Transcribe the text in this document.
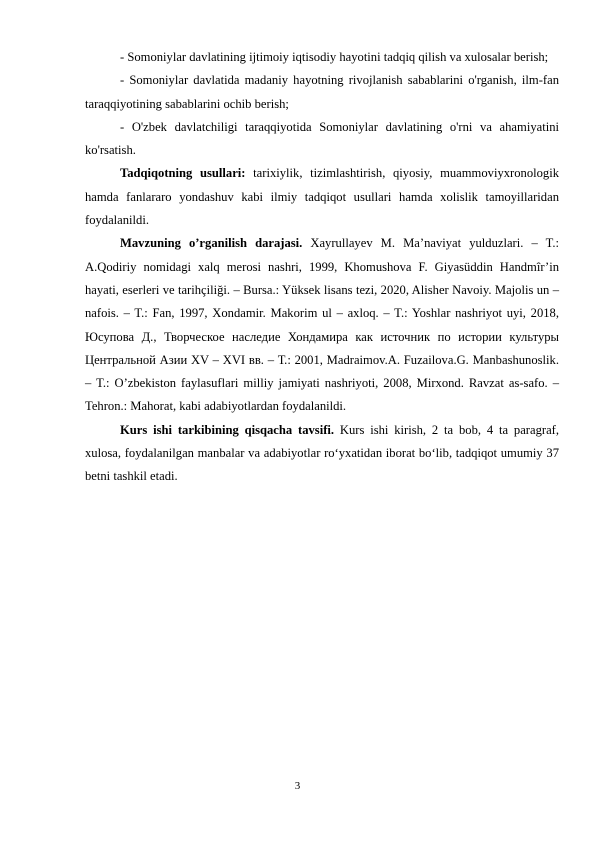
- Somoniylar davlatining ijtimoiy iqtisodiy hayotini tadqiq qilish va xulosalar berish;

- Somoniylar davlatida madaniy hayotning rivojlanish sabablarini o'rganish, ilm-fan taraqqiyotining sabablarini ochib berish;

- O'zbek davlatchiligi taraqqiyotida Somoniylar davlatining o'rni va ahamiyatini ko'rsatish.

Tadqiqotning usullari: tarixiylik, tizimlashtirish, qiyosiy, muammoviyxronologik hamda fanlararo yondashuv kabi ilmiy tadqiqot usullari hamda xolislik tamoyillaridan foydalanildi.

Mavzuning o’rganilish darajasi. Xayrullayev M. Ma’naviyat yulduzlari. – T.: A.Qodiriy nomidagi xalq merosi nashri, 1999, Khomushova F. Giyasüddin Handmîr’in hayati, eserleri ve tarihçiliği. – Bursa.: Yüksek lisans tezi, 2020, Alisher Navoiy. Majolis un – nafois. – T.: Fan, 1997, Xondamir. Makorim ul – axloq. – T.: Yoshlar nashriyot uyi, 2018, Юсупова Д., Творческое наследие Хондамира как источник по истории культуры Центральной Азии XV – XVI вв. – Т.: 2001, Madraimov.A. Fuzailova.G. Manbashunoslik. – T.: O’zbekiston faylasuflari milliy jamiyati nashriyoti, 2008, Mirxond. Ravzat as-safo. – Tehron.: Mahorat, kabi adabiyotlardan foydalanildi.

Kurs ishi tarkibining qisqacha tavsifi. Kurs ishi kirish, 2 ta bob, 4 ta paragraf, xulosa, foydalanilgan manbalar va adabiyotlar ro‘yxatidan iborat bo‘lib, tadqiqot umumiy 37 betni tashkil etadi.

3
